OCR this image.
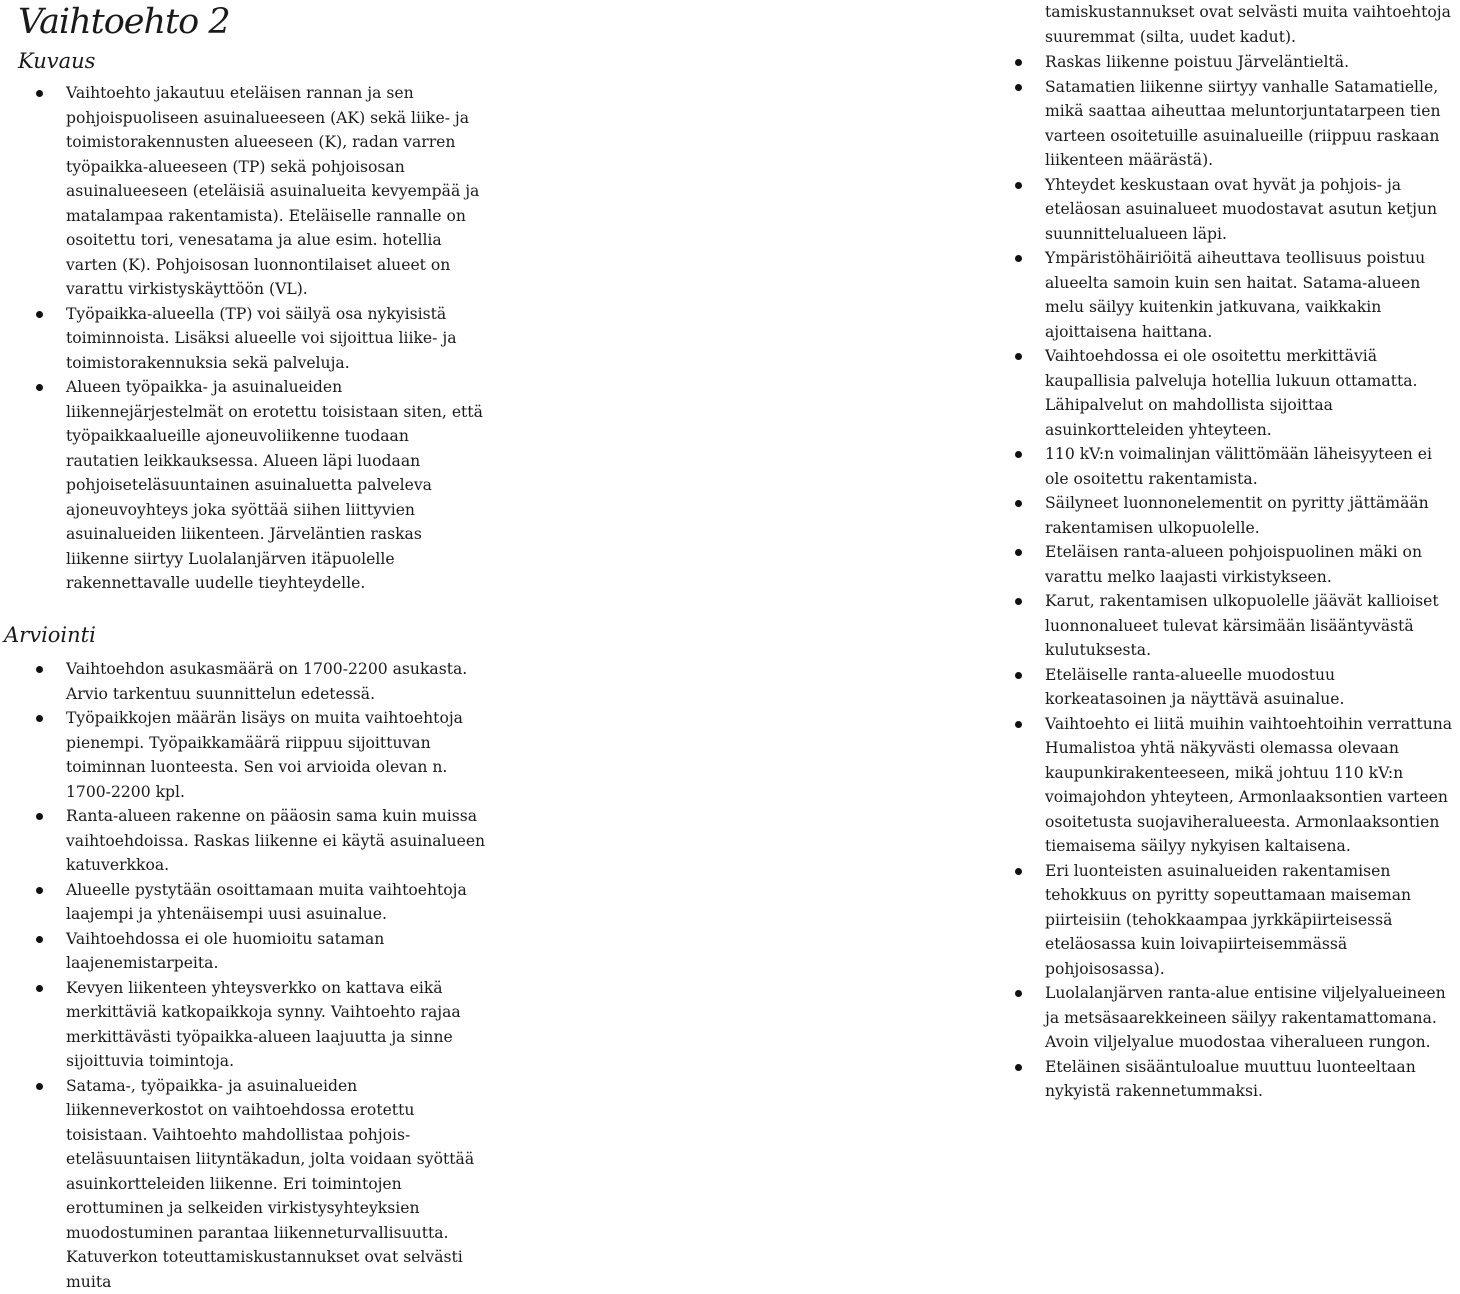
Vaihtoehto 2
Kuvaus
Vaihtoehto jakautuu eteläisen rannan ja sen pohjoispuoliseen asuinalueeseen (AK) sekä liike- ja toimistorakennusten alueeseen (K), radan varren työpaikka-alueeseen (TP) sekä pohjoisosan asuinalueeseen (eteläisiä asuinalueita kevyempää ja matalampaa rakentamista). Eteläiselle rannalle on osoitettu tori, venesatama ja alue esim. hotellia varten (K). Pohjoisosan luonnontilaiset alueet on varattu virkistyskäyttöön (VL).
Työpaikka-alueella (TP) voi säilyä osa nykyisistä toiminnoista. Lisäksi alueelle voi sijoittua liike- ja toimistorakennuksia sekä palveluja.
Alueen työpaikka- ja asuinalueiden liikennejärjestelmät on erotettu toisistaan siten, että työpaikkaalueille ajoneuvoliikenne tuodaan rautatien leikkauksessa. Alueen läpi luodaan pohjoiseteläsuuntainen asuinaluetta palveleva ajoneuvoyhteys joka syöttää siihen liittyvien asuinalueiden liikenteen. Järveläntien raskas liikenne siirtyy Luolalanjärven itäpuolelle rakennettavalle uudelle tieyhteydelle.
Arviointi
Vaihtoehdon asukasmäärä on 1700-2200 asukasta. Arvio tarkentuu suunnittelun edetessä.
Työpaikkojen määrän lisäys on muita vaihtoehtoja pienempi. Työpaikkamäärä riippuu sijoittuvan toiminnan luonteesta. Sen voi arvioida olevan n. 1700-2200 kpl.
Ranta-alueen rakenne on pääosin sama kuin muissa vaihtoehdoissa. Raskas liikenne ei käytä asuinalueen katuverkkoa.
Alueelle pystytään osoittamaan muita vaihtoehtoja laajempi ja yhtenäisempi uusi asuinalue.
Vaihtoehdossa ei ole huomioitu sataman laajenemistarpeita.
Kevyen liikenteen yhteysverkko on kattava eikä merkittäviä katkopaikkoja synny. Vaihtoehto rajaa merkittävästi työpaikka-alueen laajuutta ja sinne sijoittuvia toimintoja.
Satama-, työpaikka- ja asuinalueiden liikenneverkostot on vaihtoehdossa erotettu toisistaan. Vaihtoehto mahdollistaa pohjois-eteläsuuntaisen liityntäkadun, jolta voidaan syöttää asuinkortteleiden liikenne. Eri toimintojen erottuminen ja selkeiden virkistysyhteyksien muodostuminen parantaa liikenneturvallisuutta. Katuverkon toteuttamiskustannukset ovat selvästi muita

tamiskustannukset ovat selvästi muita vaihtoehtoja suuremmat (silta, uudet kadut).

Raskas liikenne poistuu Järveläntieltä.
Satamatien liikenne siirtyy vanhalle Satamatielle, mikä saattaa aiheuttaa meluntorjuntatarpeen tien varteen osoitetuille asuinalueille (riippuu raskaan liikenteen määrästä).
Yhteydet keskustaan ovat hyvät ja pohjois- ja eteläosan asuinalueet muodostavat asutun ketjun suunnittelualueen läpi.
Ympäristöhäiriöitä aiheuttava teollisuus poistuu alueelta samoin kuin sen haitat. Satama-alueen melu säilyy kuitenkin jatkuvana, vaikkakin ajoittaisena haittana.
Vaihtoehdossa ei ole osoitettu merkittäviä kaupallisia palveluja hotellia lukuun ottamatta. Lähipalvelut on mahdollista sijoittaa asuinkortteleiden yhteyteen.
110 kV:n voimalinjan välittömään läheisyyteen ei ole osoitettu rakentamista.
Säilyneet luonnonelementit on pyritty jättämään rakentamisen ulkopuolelle.
Eteläisen ranta-alueen pohjoispuolinen mäki on varattu melko laajasti virkistykseen.
Karut, rakentamisen ulkopuolelle jäävät kallioiset luonnonalueet tulevat kärsimään lisääntyvästä kulutuksesta.
Eteläiselle ranta-alueelle muodostuu korkeatasoinen ja näyttävä asuinalue.
Vaihtoehto ei liitä muihin vaihtoehtoihin verrattuna Humalistoa yhtä näkyvästi olemassa olevaan kaupunkirakenteeseen, mikä johtuu 110 kV:n voimajohdon yhteyteen, Armonlaaksontien varteen osoitetusta suojaviheralueesta. Armonlaaksontien tiemaisema säilyy nykyisen kaltaisena.
Eri luonteisten asuinalueiden rakentamisen tehokkuus on pyritty sopeuttamaan maiseman piirteisiin (tehokkaampaa jyrkkäpiirteisessä eteläosassa kuin loivapiirteisemmässä pohjoisosassa).
Luolalanjärven ranta-alue entisine viljelyalueineen ja metsäsaarekkeineen säilyy rakentamattomana. Avoin viljelyalue muodostaa viheralueen rungon.
Eteläinen sisääntuloalue muuttuu luonteeltaan nykyistä rakennetummaksi.
